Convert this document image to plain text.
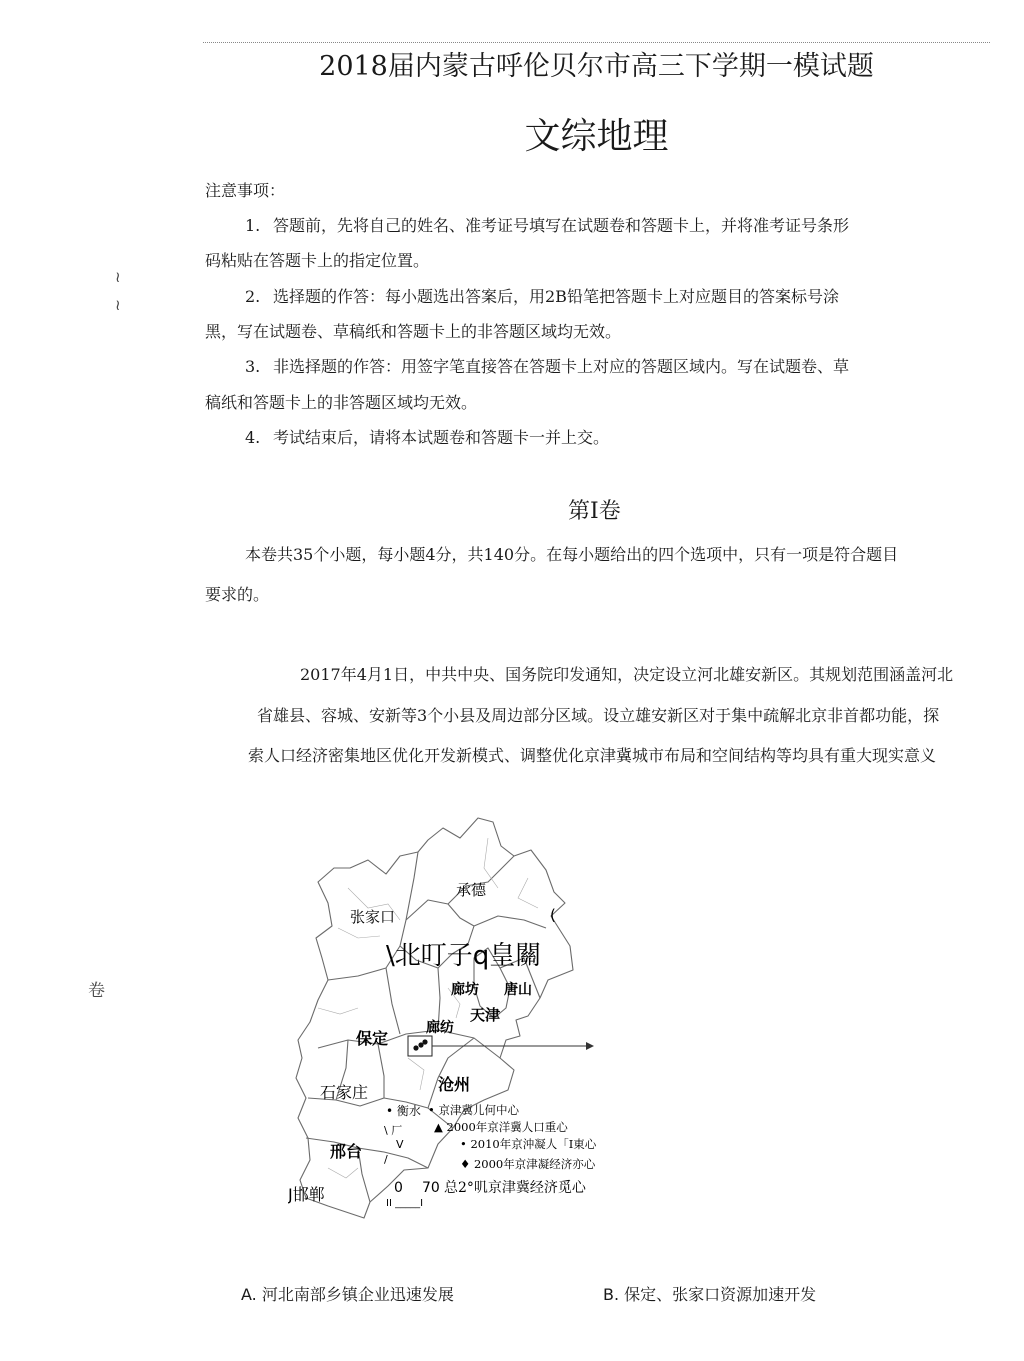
2018届内蒙古呼伦贝尔市高三下学期一模试题
文综地理
注意事项：
1. 答题前，先将自己的姓名、准考证号填写在试题卷和答题卡上，并将准考证号条形
码粘贴在答题卡上的指定位置。
2. 选择题的作答：每小题选出答案后，用2B铅笔把答题卡上对应题目的答案标号涂
黑，写在试题卷、草稿纸和答题卡上的非答题区域均无效。
3. 非选择题的作答：用签字笔直接答在答题卡上对应的答题区域内。写在试题卷、草
稿纸和答题卡上的非答题区域均无效。
4. 考试结束后，请将本试题卷和答题卡一并上交。
≀
≀
卷
第I卷
本卷共35个小题，每小题4分，共140分。在每小题给出的四个选项中，只有一项是符合题目
要求的。
2017年4月1日，中共中央、国务院印发通知，决定设立河北雄安新区。其规划范围涵盖河北
省雄县、容城、安新等3个小县及周边部分区域。设立雄安新区对于集中疏解北京非首都功能，探
索人口经济密集地区优化开发新模式、调整优化京津冀城市布局和空间结构等均具有重大现实意义
承德
张家口	(
\北叮子q皇關
廊坊 唐山
保定
廊纺
天津
石家庄	沧州
• 衡水
\ 厂
V
邢台 /
J邯郸
• 京津冀儿何中心
▲ 2000年京洋冀人口重心
• 2010年京沖凝人「I東心
♦ 2000年京津凝经济亦心
总2°叽京津冀经济觅心
0 70
II _____I
A. 河北南部乡镇企业迅速发展	B. 保定、张家口资源加速开发
